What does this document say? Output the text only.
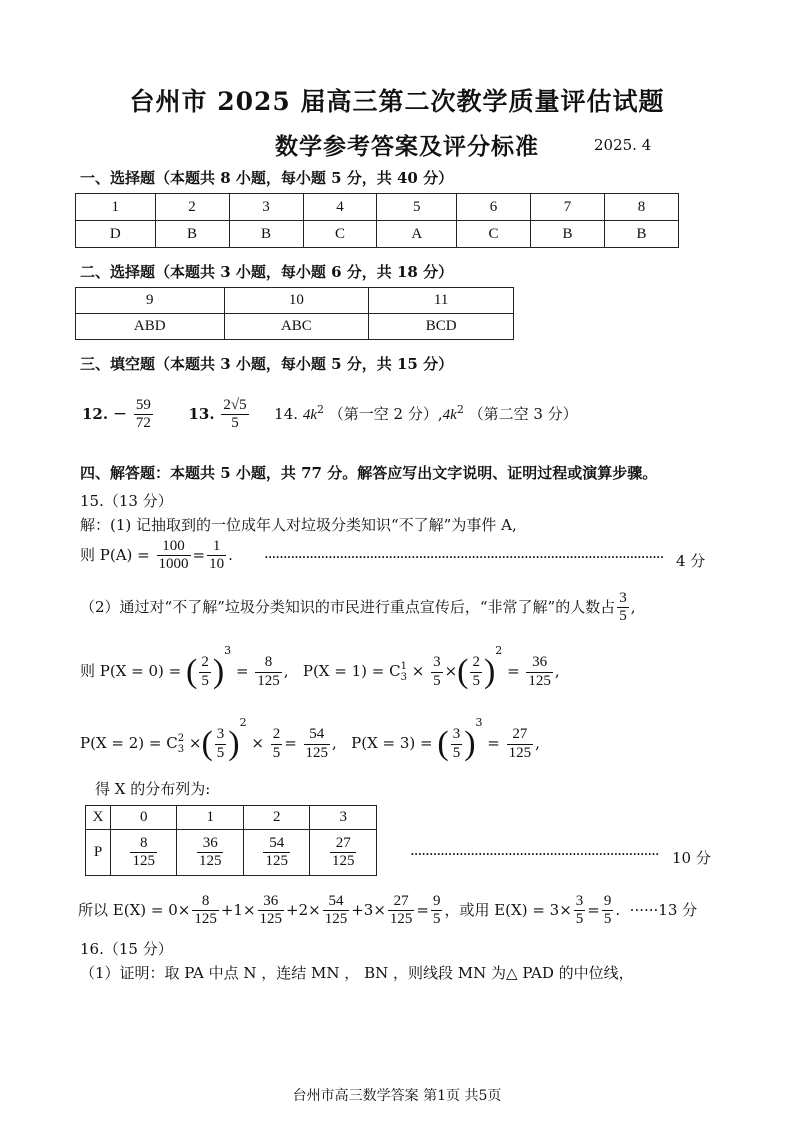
台州市 2025 届高三第二次教学质量评估试题
数学参考答案及评分标准	2025. 4
一、选择题（本题共 8 小题，每小题 5 分，共 40 分）
1	2	3	4	5	6	7	8
D	B	B	C	A	C	B	B
二、选择题（本题共 3 小题，每小题 6 分，共 18 分）
9	10	11
ABD	ABC	BCD
三、填空题（本题共 3 小题，每小题 5 分，共 15 分）
12. − $\frac{59}{72} 13$. $\frac{2√5}{5} 14$. $4k^2$ （第一空 2 分）$,4k^2$ （第二空 3 分）
四、解答题：本题共 5 小题，共 77 分。解答应写出文字说明、证明过程或演算步骤。
15.（13 分）
解：(1) 记抽取到的一位成年人对垃圾分类知识“不了解”为事件 A,
则 $P(A) = \frac{100}{1000} = \frac{1}{10}$ . ·········································································································· 4 分
（2）通过对“不了解”垃圾分类知识的市民进行重点宣传后，“非常了解”的人数占 $\frac{3}{5}$ ,
则 P(X = 0) = ( $\frac{2}{5} )^3 = \frac{8}{125}$ ,   P(X = 1) = C 1
$3 \times \frac{3}{5}$ ×( $\frac{2}{5} )^2 = \frac{36}{125}$ ,
P(X = 2) = C 2
3 ×( $\frac{3}{5} )^2 \times \frac{2}{5} = \frac{54}{125}$ ,   P(X = 3) = ( $\frac{3}{5} )^3 = \frac{27}{125}$ ,
得 X 的分布列为:
X	0	1	2	3
P	$\frac{8}{125}$	$\frac{36}{125}$	$\frac{54}{125}$	$\frac{27}{125}$	·································································· 10 分
所以 $E(X) = 0\times \frac{8}{125} +1\times \frac{36}{125} +2\times \frac{54}{125} +3\times \frac{27}{125} = \frac{9}{5}$ ，或用 $E(X) = 3\times \frac{3}{5} = \frac{9}{5}$ .  ······13 分
16.（15 分）
（1）证明：取 PA 中点 N ，连结 MN ， BN ，则线段 MN 为△ PAD 的中位线，
台州市高三数学答案 第1页 共5页
